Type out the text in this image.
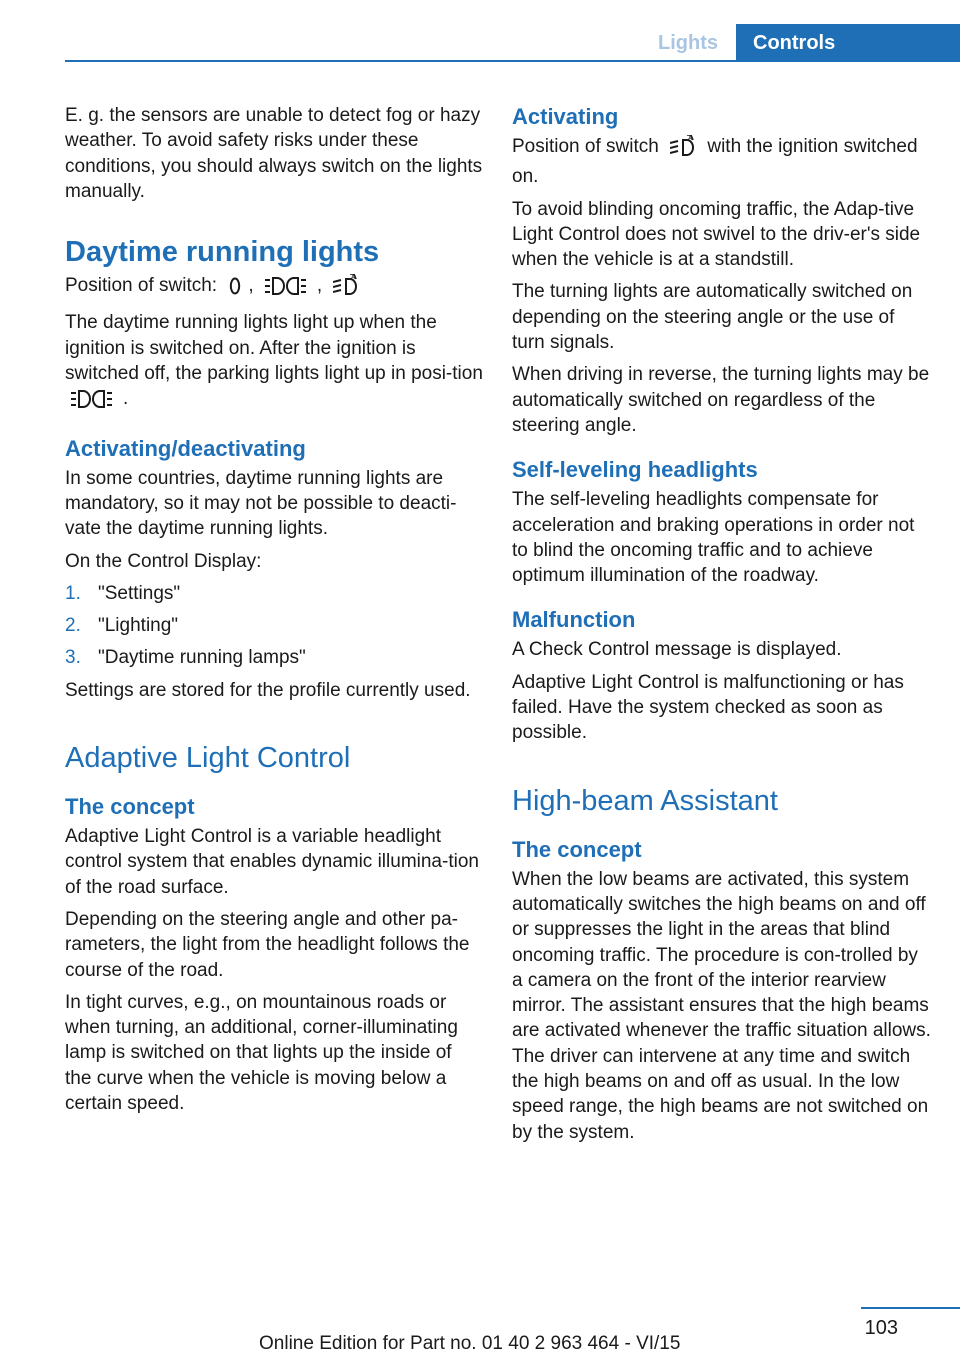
Lights	Controls

E. g. the sensors are unable to detect fog or hazy weather. To avoid safety risks under these conditions, you should always switch on the lights manually.

Daytime running lights

Position of switch: ,	,	A

The daytime running lights light up when the ignition is switched on. After the ignition is switched off, the parking lights light up in posi-tion .

Activating/deactivating

In some countries, daytime running lights are mandatory, so it may not be possible to deacti-vate the daytime running lights.

On the Control Display:

1. "Settings"
2. "Lighting"
3. "Daytime running lamps"

Settings are stored for the profile currently used.

Adaptive Light Control
The concept

Adaptive Light Control is a variable headlight control system that enables dynamic illumina-tion of the road surface.

Depending on the steering angle and other pa-rameters, the light from the headlight follows the course of the road.

In tight curves, e.g., on mountainous roads or when turning, an additional, corner-illuminating lamp is switched on that lights up the inside of the curve when the vehicle is moving below a certain speed.

Activating

Position of switch	A with the ignition switched on.

To avoid blinding oncoming traffic, the Adap-tive Light Control does not swivel to the driv-er's side when the vehicle is at a standstill.

The turning lights are automatically switched on depending on the steering angle or the use of turn signals.

When driving in reverse, the turning lights may be automatically switched on regardless of the steering angle.

Self-leveling headlights

The self-leveling headlights compensate for acceleration and braking operations in order not to blind the oncoming traffic and to achieve optimum illumination of the roadway.

Malfunction

A Check Control message is displayed.

Adaptive Light Control is malfunctioning or has failed. Have the system checked as soon as possible.

High-beam Assistant
The concept

When the low beams are activated, this system automatically switches the high beams on and off or suppresses the light in the areas that blind oncoming traffic. The procedure is con-trolled by a camera on the front of the interior rearview mirror. The assistant ensures that the high beams are activated whenever the traffic situation allows. The driver can intervene at any time and switch the high beams on and off as usual. In the low speed range, the high beams are not switched on by the system.

103
Online Edition for Part no. 01 40 2 963 464 - VI/15
